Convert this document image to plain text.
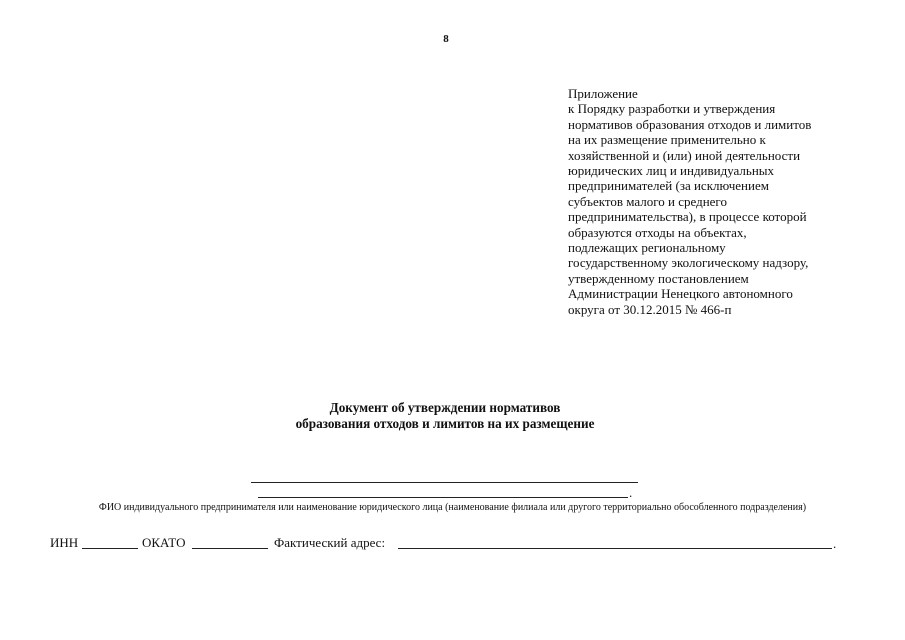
8
Приложение
к Порядку разработки и утверждения
нормативов образования отходов и лимитов
на их размещение применительно к
хозяйственной и (или) иной деятельности
юридических лиц и индивидуальных
предпринимателей (за исключением
субъектов малого и среднего
предпринимательства), в процессе которой
образуются отходы на объектах,
подлежащих региональному
государственному экологическому надзору,
утвержденному постановлением
Администрации Ненецкого автономного
округа от 30.12.2015 № 466-п
Документ об утверждении нормативов
образования отходов и лимитов на их размещение
.
ФИО индивидуального предпринимателя или наименование юридического лица (наименование филиала или другого территориально обособленного подразделения)
ИНН	ОКАТО	Фактический адрес:	.
